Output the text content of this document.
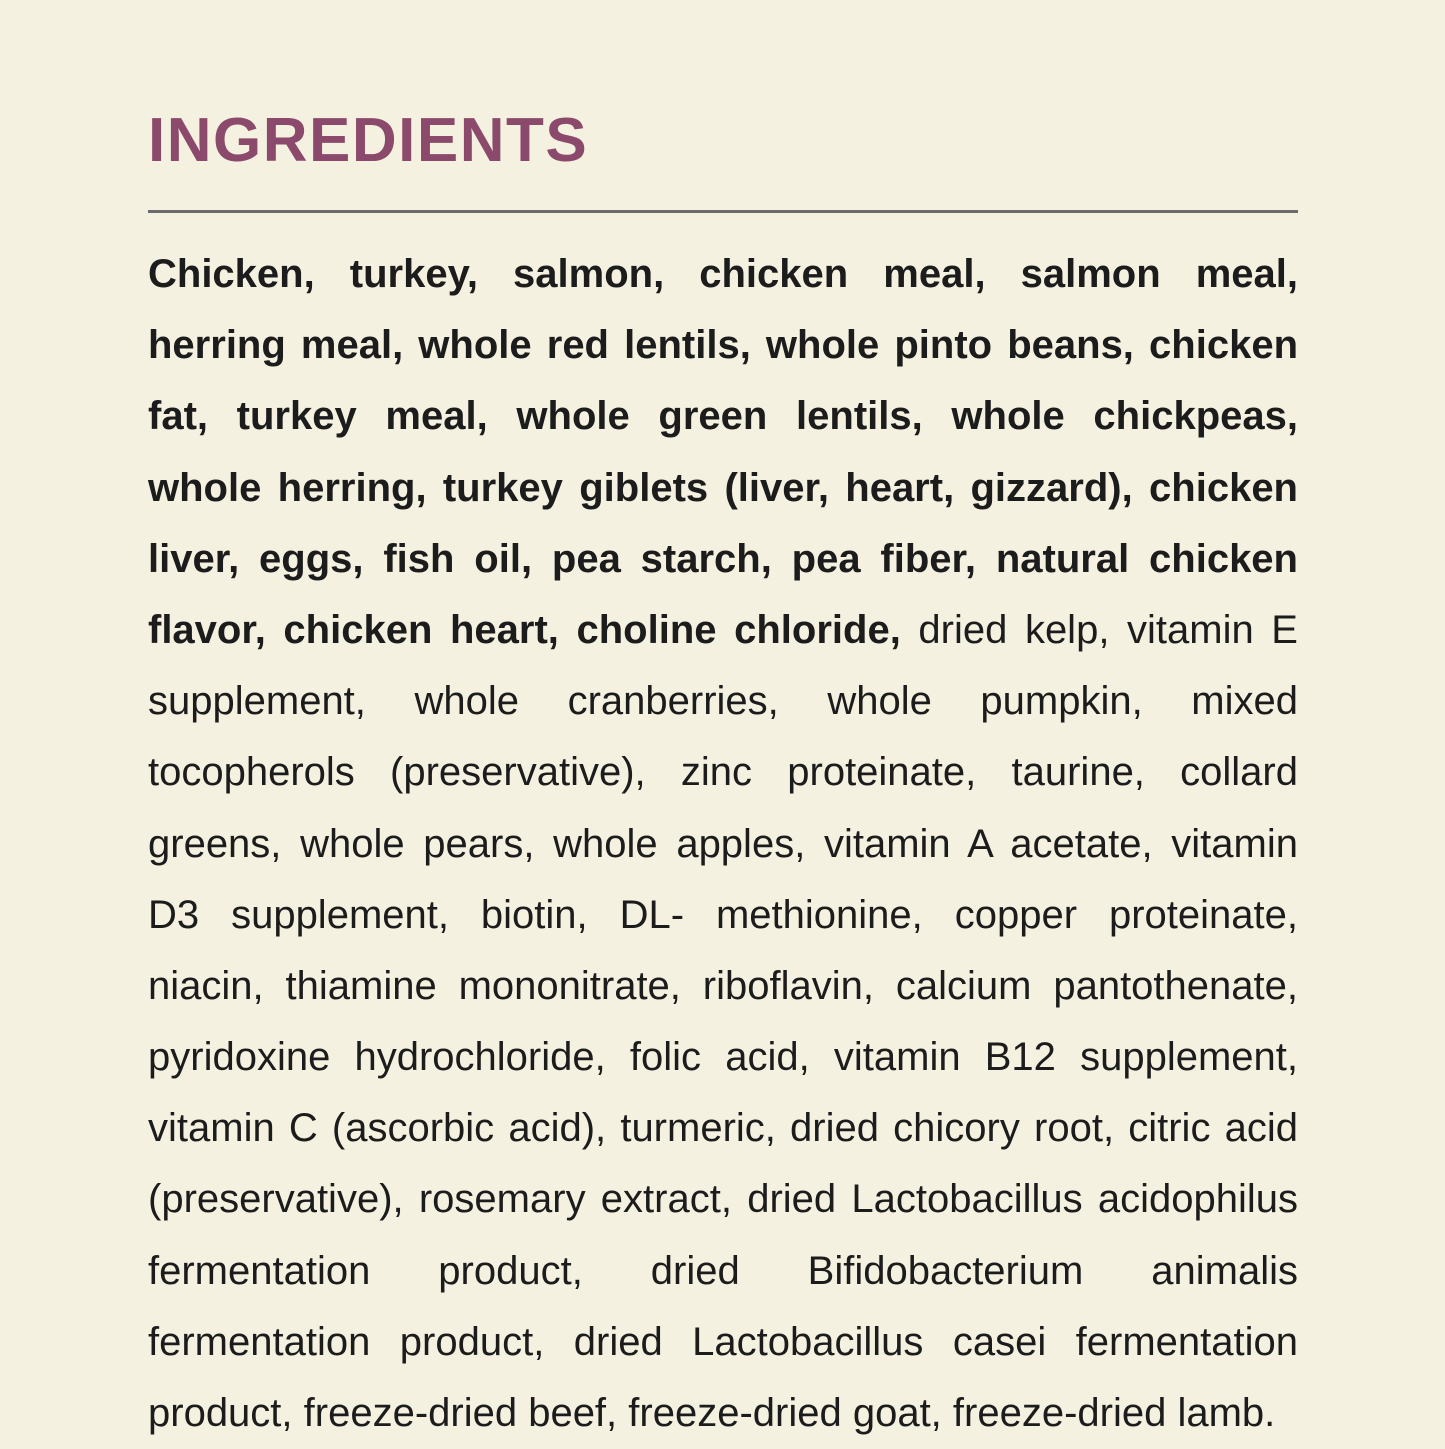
INGREDIENTS

Chicken, turkey, salmon, chicken meal, salmon meal, herring meal, whole red lentils, whole pinto beans, chicken fat, turkey meal, whole green lentils, whole chickpeas, whole herring, turkey giblets (liver, heart, gizzard), chicken liver, eggs, fish oil, pea starch, pea fiber, natural chicken flavor, chicken heart, choline chloride, dried kelp, vitamin E supplement, whole cranberries, whole pumpkin, mixed tocopherols (preservative), zinc proteinate, taurine, collard greens, whole pears, whole apples, vitamin A acetate, vitamin D3 supplement, biotin, DL- methionine, copper proteinate, niacin, thiamine mononitrate, riboflavin, calcium pantothenate, pyridoxine hydrochloride, folic acid, vitamin B12 supplement, vitamin C (ascorbic acid), turmeric, dried chicory root, citric acid (preservative), rosemary extract, dried Lactobacillus acidophilus fermentation product, dried Bifidobacterium animalis fermentation product, dried Lactobacillus casei fermentation product, freeze-dried beef, freeze-dried goat, freeze-dried lamb.
